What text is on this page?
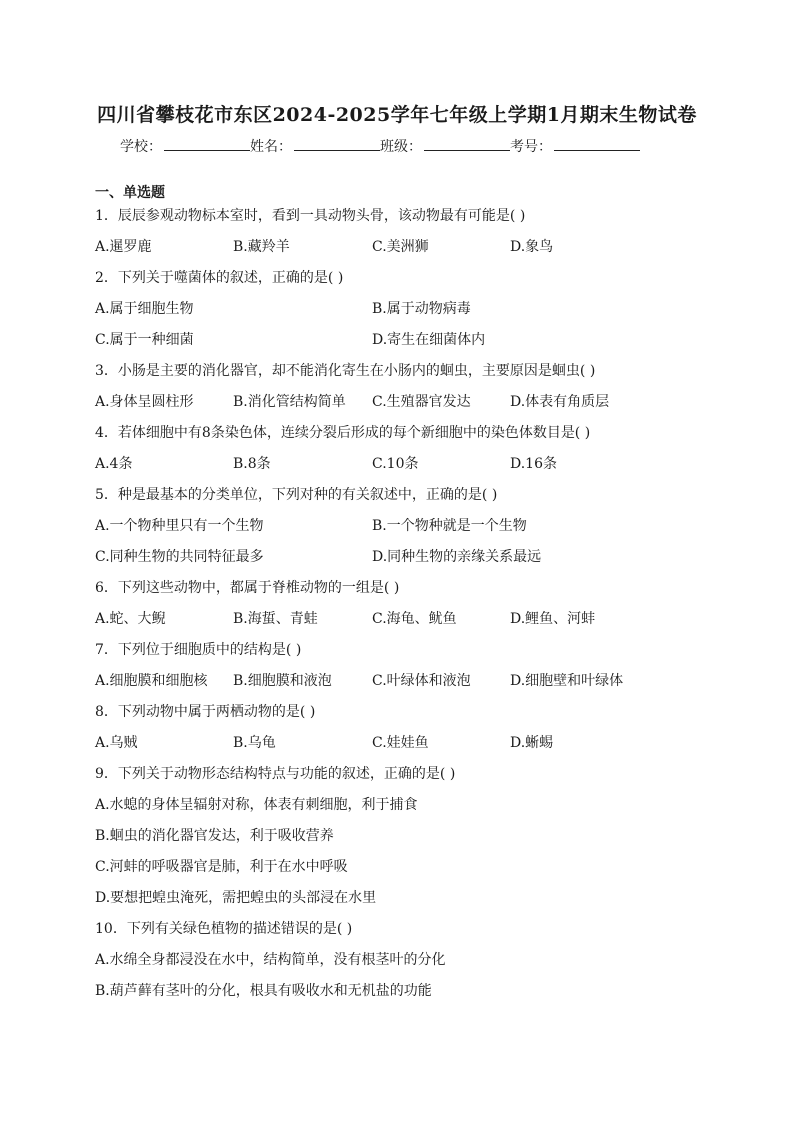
四川省攀枝花市东区2024-2025学年七年级上学期1月期末生物试卷
学校：	姓名：	班级：	考号：
一、单选题
1．辰辰参观动物标本室时，看到一具动物头骨，该动物最有可能是( )
A.暹罗鹿	B.藏羚羊	C.美洲狮	D.象鸟
2．下列关于噬菌体的叙述，正确的是( )
A.属于细胞生物	B.属于动物病毒
C.属于一种细菌	D.寄生在细菌体内
3．小肠是主要的消化器官，却不能消化寄生在小肠内的蛔虫，主要原因是蛔虫( )
A.身体呈圆柱形	B.消化管结构简单 C.生殖器官发达	D.体表有角质层
4．若体细胞中有8条染色体，连续分裂后形成的每个新细胞中的染色体数目是( )
A.4条	B.8条	C.10条	D.16条
5．种是最基本的分类单位，下列对种的有关叙述中，正确的是( )
A.一个物种里只有一个生物	B.一个物种就是一个生物
C.同种生物的共同特征最多	D.同种生物的亲缘关系最远
6．下列这些动物中，都属于脊椎动物的一组是( )
A.蛇、大鲵	B.海蜇、青蛙	C.海龟、鱿鱼	D.鲤鱼、河蚌
7．下列位于细胞质中的结构是( )
A.细胞膜和细胞核 B.细胞膜和液泡	C.叶绿体和液泡	D.细胞壁和叶绿体
8．下列动物中属于两栖动物的是( )
A.乌贼	B.乌龟	C.娃娃鱼	D.蜥蜴
9．下列关于动物形态结构特点与功能的叙述，正确的是( )
A.水螅的身体呈辐射对称，体表有刺细胞，利于捕食
B.蛔虫的消化器官发达，利于吸收营养
C.河蚌的呼吸器官是肺，利于在水中呼吸
D.要想把蝗虫淹死，需把蝗虫的头部浸在水里
10．下列有关绿色植物的描述错误的是( )
A.水绵全身都浸没在水中，结构简单，没有根茎叶的分化
B.葫芦藓有茎叶的分化，根具有吸收水和无机盐的功能
